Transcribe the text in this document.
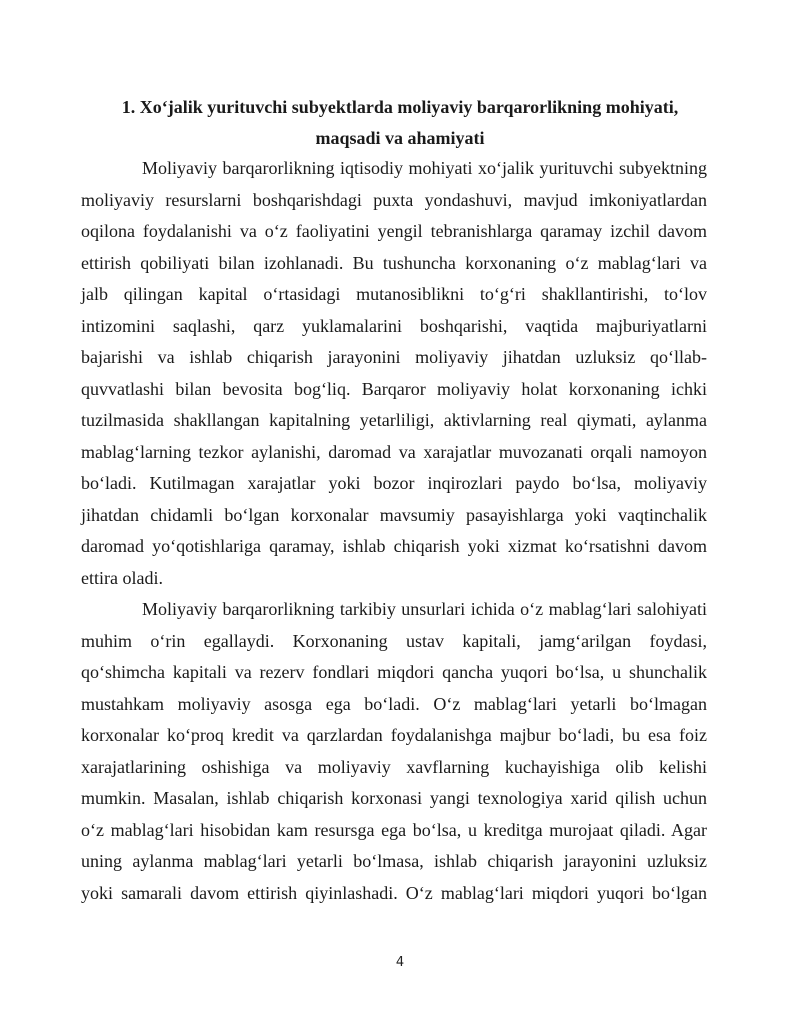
1. Xo‘jalik yurituvchi subyektlarda moliyaviy barqarorlikning mohiyati,
maqsadi va ahamiyati
Moliyaviy barqarorlikning iqtisodiy mohiyati xo‘jalik yurituvchi subyektning
moliyaviy resurslarni boshqarishdagi puxta yondashuvi, mavjud imkoniyatlardan
oqilona foydalanishi va o‘z faoliyatini yengil tebranishlarga qaramay izchil davom
ettirish qobiliyati bilan izohlanadi. Bu tushuncha korxonaning o‘z mablag‘lari va
jalb qilingan kapital o‘rtasidagi mutanosiblikni to‘g‘ri shakllantirishi, to‘lov
intizomini saqlashi, qarz yuklamalarini boshqarishi, vaqtida majburiyatlarni
bajarishi va ishlab chiqarish jarayonini moliyaviy jihatdan uzluksiz qo‘llab-
quvvatlashi bilan bevosita bog‘liq. Barqaror moliyaviy holat korxonaning ichki
tuzilmasida shakllangan kapitalning yetarliligi, aktivlarning real qiymati, aylanma
mablag‘larning tezkor aylanishi, daromad va xarajatlar muvozanati orqali namoyon
bo‘ladi. Kutilmagan xarajatlar yoki bozor inqirozlari paydo bo‘lsa, moliyaviy
jihatdan chidamli bo‘lgan korxonalar mavsumiy pasayishlarga yoki vaqtinchalik
daromad yo‘qotishlariga qaramay, ishlab chiqarish yoki xizmat ko‘rsatishni davom
ettira oladi.
Moliyaviy barqarorlikning tarkibiy unsurlari ichida o‘z mablag‘lari salohiyati
muhim o‘rin egallaydi. Korxonaning ustav kapitali, jamg‘arilgan foydasi,
qo‘shimcha kapitali va rezerv fondlari miqdori qancha yuqori bo‘lsa, u shunchalik
mustahkam moliyaviy asosga ega bo‘ladi. O‘z mablag‘lari yetarli bo‘lmagan
korxonalar ko‘proq kredit va qarzlardan foydalanishga majbur bo‘ladi, bu esa foiz
xarajatlarining oshishiga va moliyaviy xavflarning kuchayishiga olib kelishi
mumkin. Masalan, ishlab chiqarish korxonasi yangi texnologiya xarid qilish uchun
o‘z mablag‘lari hisobidan kam resursga ega bo‘lsa, u kreditga murojaat qiladi. Agar
uning aylanma mablag‘lari yetarli bo‘lmasa, ishlab chiqarish jarayonini uzluksiz
yoki samarali davom ettirish qiyinlashadi. O‘z mablag‘lari miqdori yuqori bo‘lgan
4
